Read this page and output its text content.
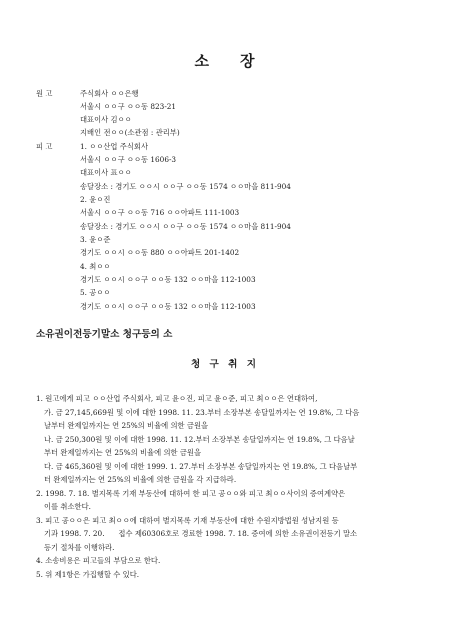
소 장
원 고	주식회사 ㅇㅇ은행
서울시 ㅇㅇ구 ㅇㅇ동 823-21
대표이사 김ㅇㅇ
지배인 전ㅇㅇ(소관점 : 관리부)
피 고	1. ㅇㅇ산업 주식회사
서울시 ㅇㅇ구 ㅇㅇ동 1606-3
대표이사 표ㅇㅇ
송달장소 : 경기도 ㅇㅇ시 ㅇㅇ구 ㅇㅇ동 1574 ㅇㅇ마을 811-904
2. 윤ㅇ진
서울시 ㅇㅇ구 ㅇㅇ동 716 ㅇㅇ아파트 111-1003
송달장소 : 경기도 ㅇㅇ시 ㅇㅇ구 ㅇㅇ동 1574 ㅇㅇ마을 811-904
3. 윤ㅇ준
경기도 ㅇㅇ시 ㅇㅇ동 880 ㅇㅇ아파트 201-1402
4. 최ㅇㅇ
경기도 ㅇㅇ시 ㅇㅇ구 ㅇㅇ동 132 ㅇㅇ마을 112-1003
5. 공ㅇㅇ
경기도 ㅇㅇ시 ㅇㅇ구 ㅇㅇ동 132 ㅇㅇ마을 112-1003
소유권이전등기말소 청구등의 소
청 구 취 지
1. 원고에게 피고 ㅇㅇ산업 주식회사, 피고 윤ㅇ진, 피고 윤ㅇ준, 피고 최ㅇㅇ은 연대하여,
가. 금 27,145,669원 및 이에 대한 1998. 11. 23.부터 소장부본 송달일까지는 연 19.8%, 그 다음
날부터 완제일까지는 연 25%의 비율에 의한 금원을
나. 금 250,300원 및 이에 대한 1998. 11. 12.부터 소장부본 송달일까지는 연 19.8%, 그 다음날
부터 완제일까지는 연 25%의 비율에 의한 금원을
다. 금 465,360원 및 이에 대한 1999. 1. 27.부터 소장부본 송달일까지는 연 19.8%, 그 다음날부
터 완제일까지는 연 25%의 비율에 의한 금원을 각 지급하라.
2. 1998. 7. 18. 별지목록 기재 부동산에 대하여 한 피고 공ㅇㅇ와 피고 최ㅇㅇ사이의 증여계약은
이를 취소한다.
3. 피고 공ㅇㅇ은 피고 최ㅇㅇ에 대하여 별지목록 기재 부동산에 대한 수원지방법원 성남지원 등
기과 1998. 7. 20.      접수 제60306호로 경료한 1998. 7. 18. 증여에 의한 소유권이전등기 말소
등기 절차를 이행하라.
4. 소송비용은 피고들의 부담으로 한다.
5. 위 제1항은 가집행할 수 있다.
